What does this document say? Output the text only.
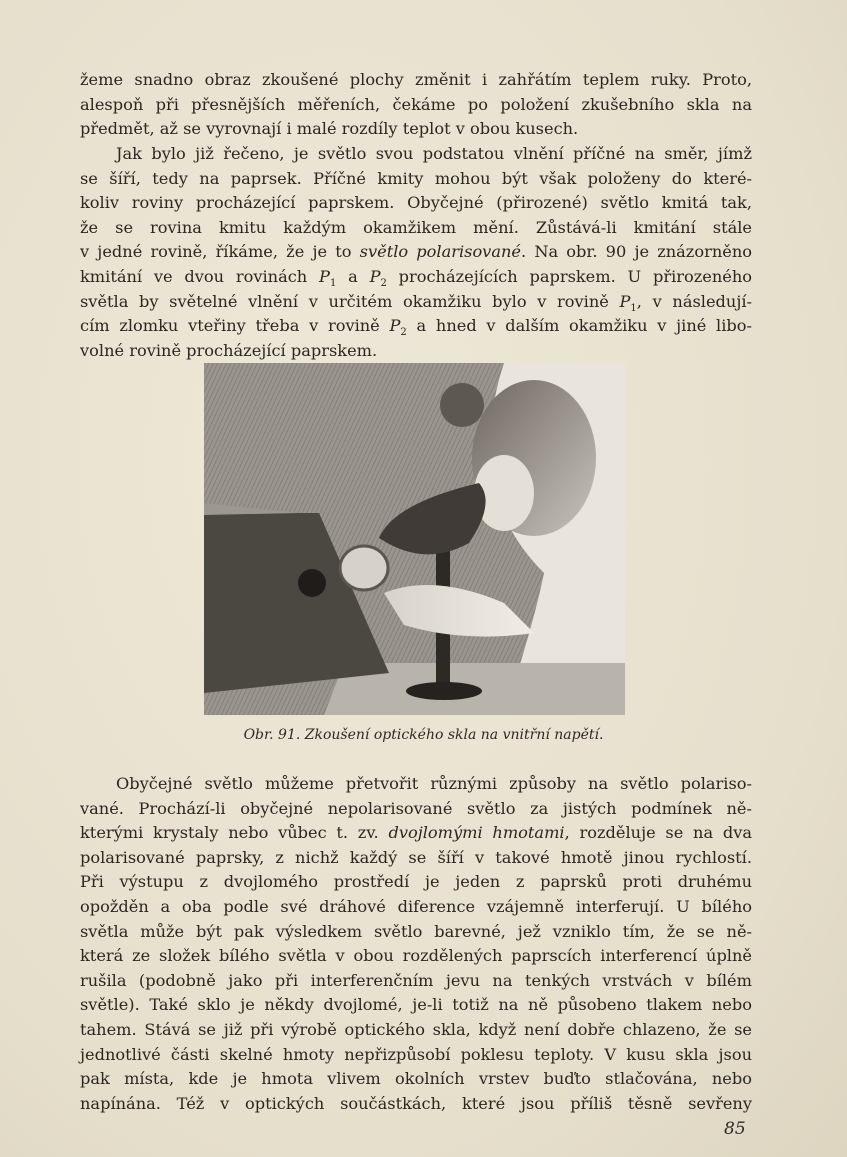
žeme snadno obraz zkoušené plochy změnit i zahřátím teplem ruky. Proto,
alespoň při přesnějších měřeních, čekáme po položení zkušebního skla na
předmět, až se vyrovnají i malé rozdíly teplot v obou kusech.

Jak bylo již řečeno, je světlo svou podstatou vlnění příčné na směr, jímž
se šíří, tedy na paprsek. Příčné kmity mohou být však položeny do které-
koliv roviny procházející paprskem. Obyčejné (přirozené) světlo kmitá tak,
že se rovina kmitu každým okamžikem mění. Zůstává-li kmitání stále
v jedné rovině, říkáme, že je to světlo polarisované. Na obr. 90 je znázorněno
kmitání ve dvou rovinách $P_1$ a $P_2$ procházejících paprskem. U přirozeného
světla by světelné vlnění v určitém okamžiku bylo v rovině $P_1$, v následují-
cím zlomku vteřiny třeba v rovině $P_2$ a hned v dalším okamžiku v jiné libo-
volné rovině procházející paprskem.

Obr. 91. Zkoušení optického skla na vnitřní napětí.

Obyčejné světlo můžeme přetvořit různými způsoby na světlo polariso-
vané. Prochází-li obyčejné nepolarisované světlo za jistých podmínek ně-
kterými krystaly nebo vůbec t. zv. dvojlomými hmotami, rozděluje se na dva
polarisované paprsky, z nichž každý se šíří v takové hmotě jinou rychlostí.
Při výstupu z dvojlomého prostředí je jeden z paprsků proti druhému
opožděn a oba podle své dráhové diference vzájemně interferují. U bílého
světla může být pak výsledkem světlo barevné, jež vzniklo tím, že se ně-
která ze složek bílého světla v obou rozdělených paprscích interferencí úplně
rušila (podobně jako při interferenčním jevu na tenkých vrstvách v bílém
světle). Také sklo je někdy dvojlomé, je-li totiž na ně působeno tlakem nebo
tahem. Stává se již při výrobě optického skla, když není dobře chlazeno, že se
jednotlivé části skelné hmoty nepřizpůsobí poklesu teploty. V kusu skla jsou
pak místa, kde je hmota vlivem okolních vrstev buďto stlačována, nebo
napínána. Též v optických součástkách, které jsou příliš těsně sevřeny

85
